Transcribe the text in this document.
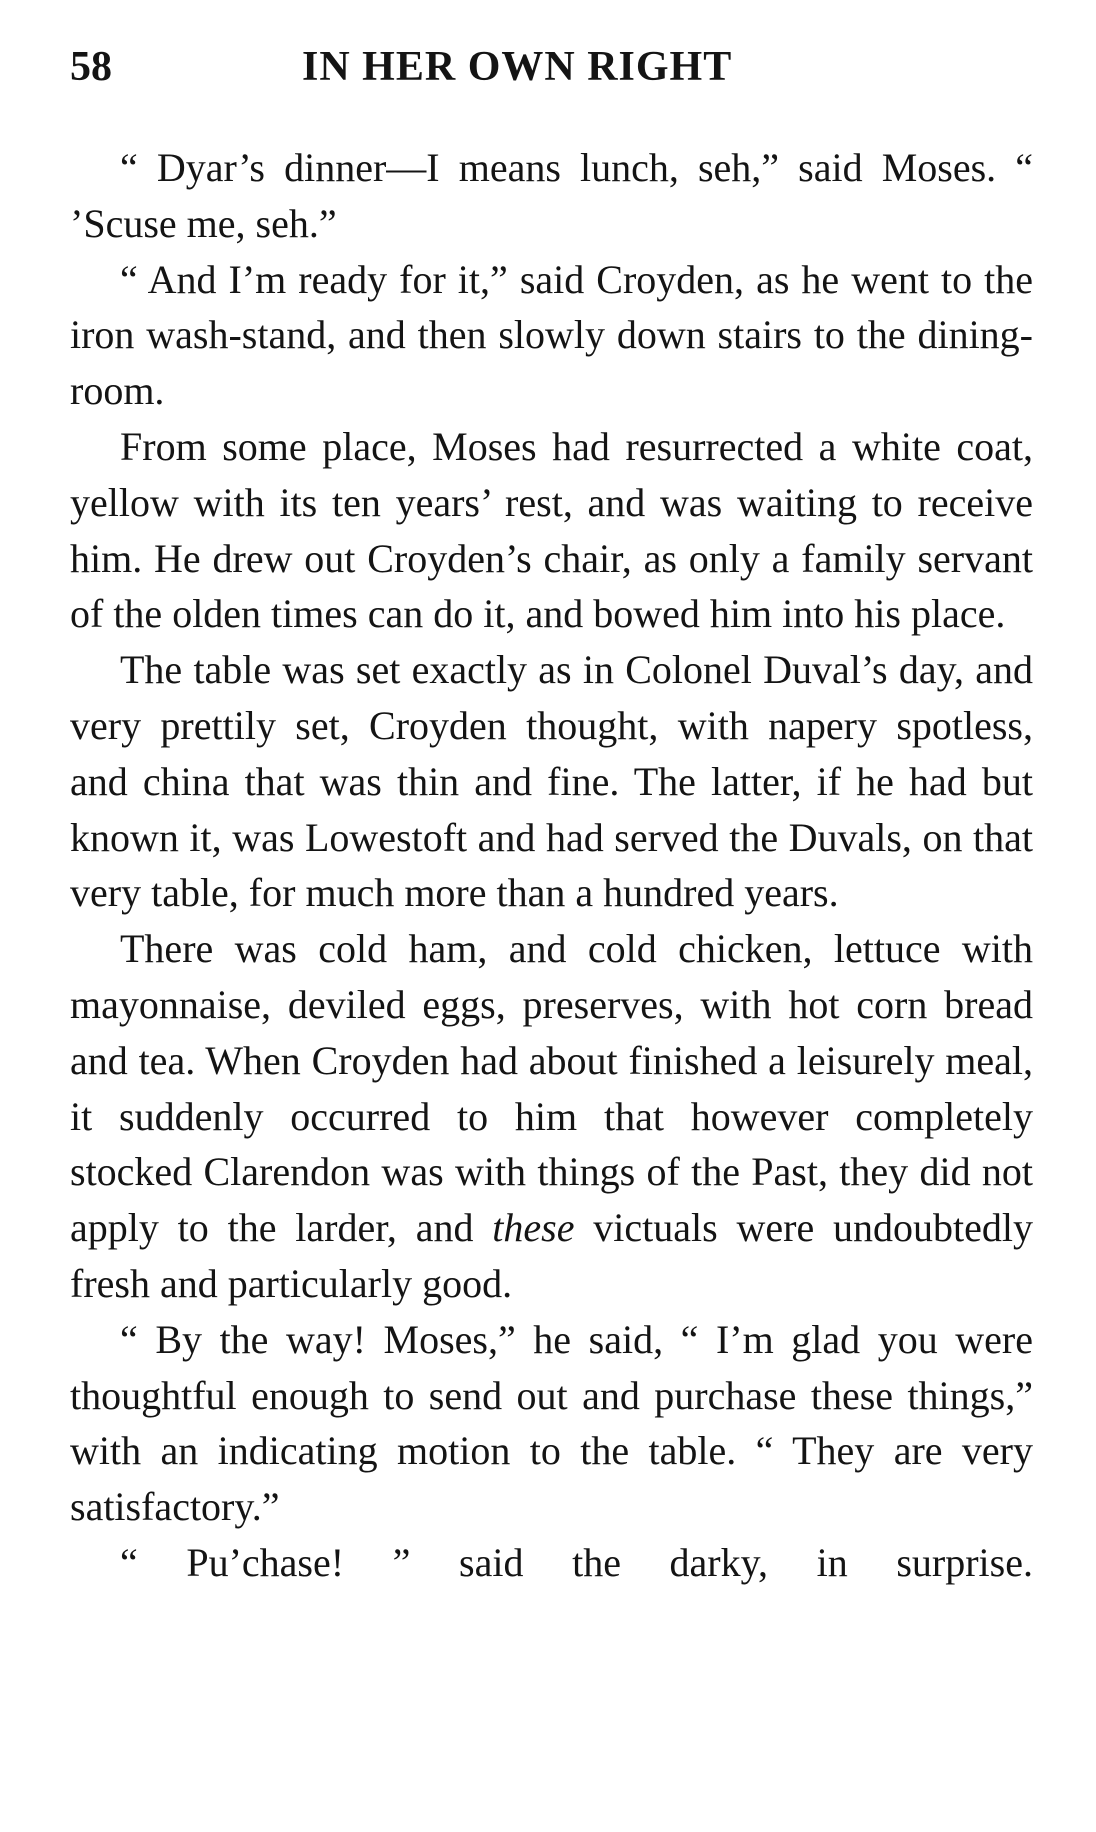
58	IN HER OWN RIGHT

“ Dyar’s dinner—I means lunch, seh,” said Moses. “ ’Scuse me, seh.”

“ And I’m ready for it,” said Croyden, as he went to the iron wash-stand, and then slowly down stairs to the dining-room.

From some place, Moses had resurrected a white coat, yellow with its ten years’ rest, and was waiting to receive him. He drew out Croyden’s chair, as only a family servant of the olden times can do it, and bowed him into his place.

The table was set exactly as in Colonel Duval’s day, and very prettily set, Croyden thought, with napery spotless, and china that was thin and fine. The latter, if he had but known it, was Lowestoft and had served the Duvals, on that very table, for much more than a hundred years.

There was cold ham, and cold chicken, lettuce with mayonnaise, deviled eggs, preserves, with hot corn bread and tea. When Croyden had about finished a leisurely meal, it suddenly occurred to him that however completely stocked Clarendon was with things of the Past, they did not apply to the larder, and these victuals were undoubtedly fresh and particularly good.

“ By the way! Moses,” he said, “ I’m glad you were thoughtful enough to send out and purchase these things,” with an indicating motion to the table. “ They are very satisfactory.”

“ Pu’chase! ” said the darky, in surprise.
